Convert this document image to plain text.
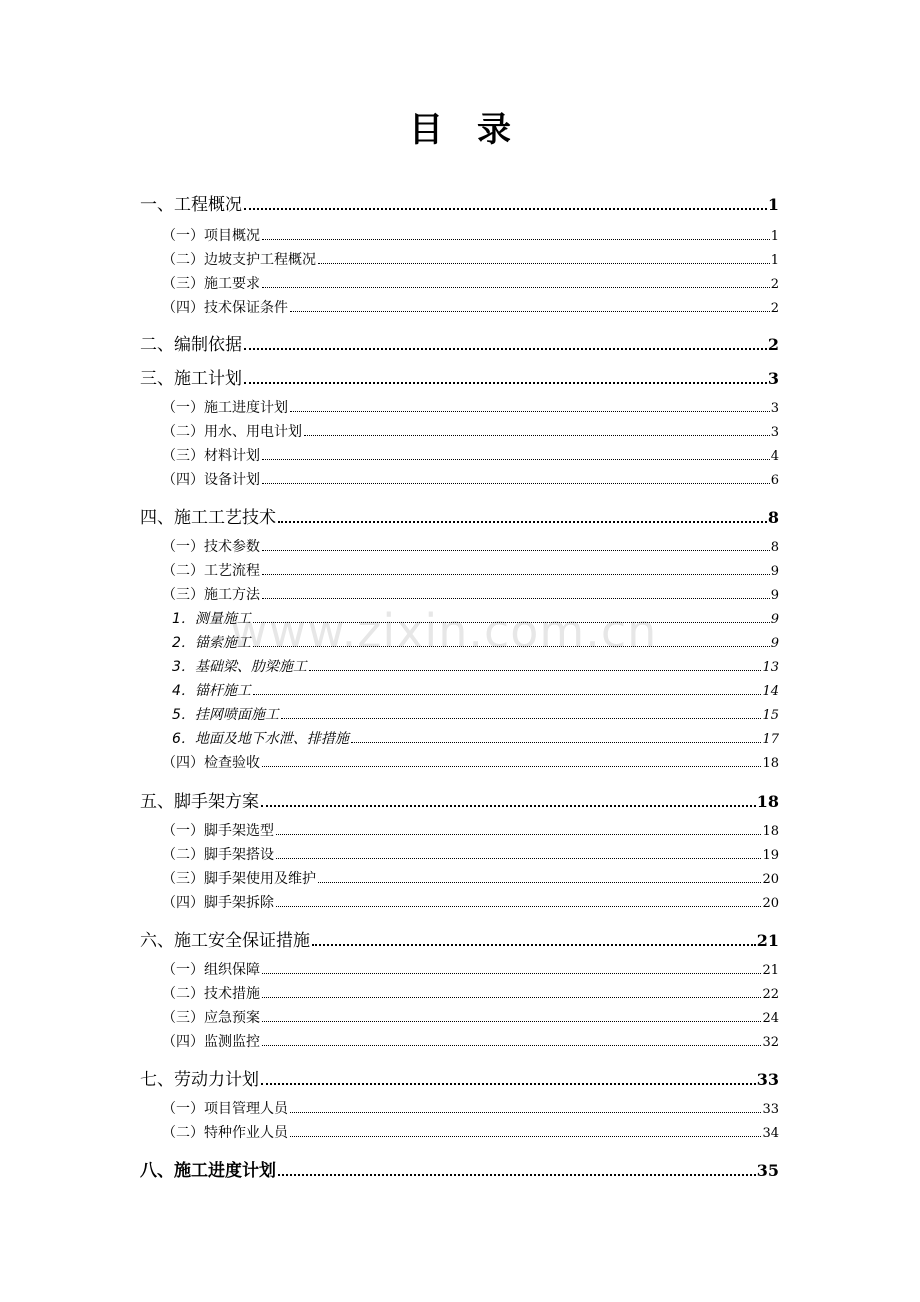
目　录
www.zixin.com.cn
一、工程概况	1
（一）项目概况	1
（二）边坡支护工程概况	1
（三）施工要求	2
（四）技术保证条件	2
二、编制依据	2
三、施工计划	3
（一）施工进度计划	3
（二）用水、用电计划	3
（三）材料计划	4
（四）设备计划	6
四、施工工艺技术	8
（一）技术参数	8
（二）工艺流程	9
（三）施工方法	9
1．测量施工	9
2．锚索施工	9
3．基础梁、肋梁施工	13
4．锚杆施工	14
5．挂网喷面施工	15
6．地面及地下水泄、排措施	17
（四）检查验收	18
五、脚手架方案	18
（一）脚手架选型	18
（二）脚手架搭设	19
（三）脚手架使用及维护	20
（四）脚手架拆除	20
六、施工安全保证措施	21
（一）组织保障	21
（二）技术措施	22
（三）应急预案	24
（四）监测监控	32
七、劳动力计划	33
（一）项目管理人员	33
（二）特种作业人员	34
八、施工进度计划	35
